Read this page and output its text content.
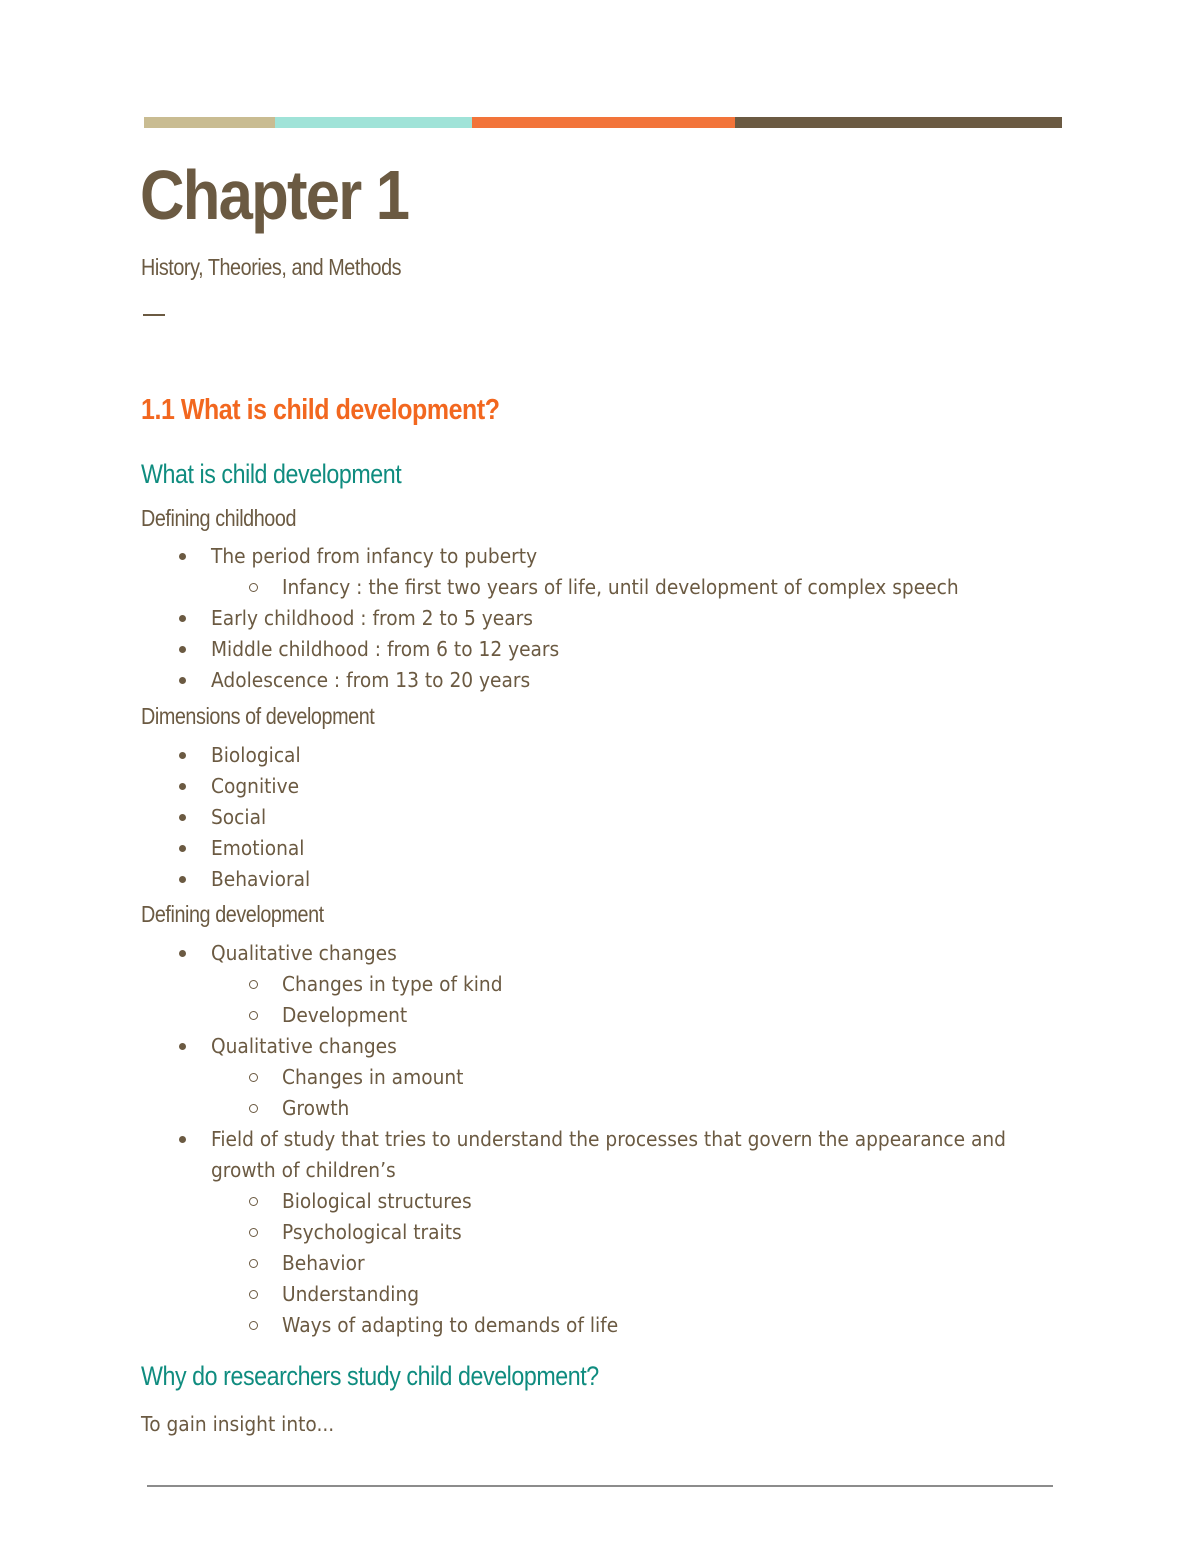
Chapter 1
History, Theories, and Methods
1.1 What is child development?
What is child development
Defining childhood
The period from infancy to puberty
Infancy : the first two years of life, until development of complex speech
Early childhood : from 2 to 5 years
Middle childhood : from 6 to 12 years
Adolescence : from 13 to 20 years
Dimensions of development
Biological
Cognitive
Social
Emotional
Behavioral
Defining development
Qualitative changes
Changes in type of kind
Development
Qualitative changes
Changes in amount
Growth
Field of study that tries to understand the processes that govern the appearance and growth of children’s
Biological structures
Psychological traits
Behavior
Understanding
Ways of adapting to demands of life
Why do researchers study child development?
To gain insight into...
